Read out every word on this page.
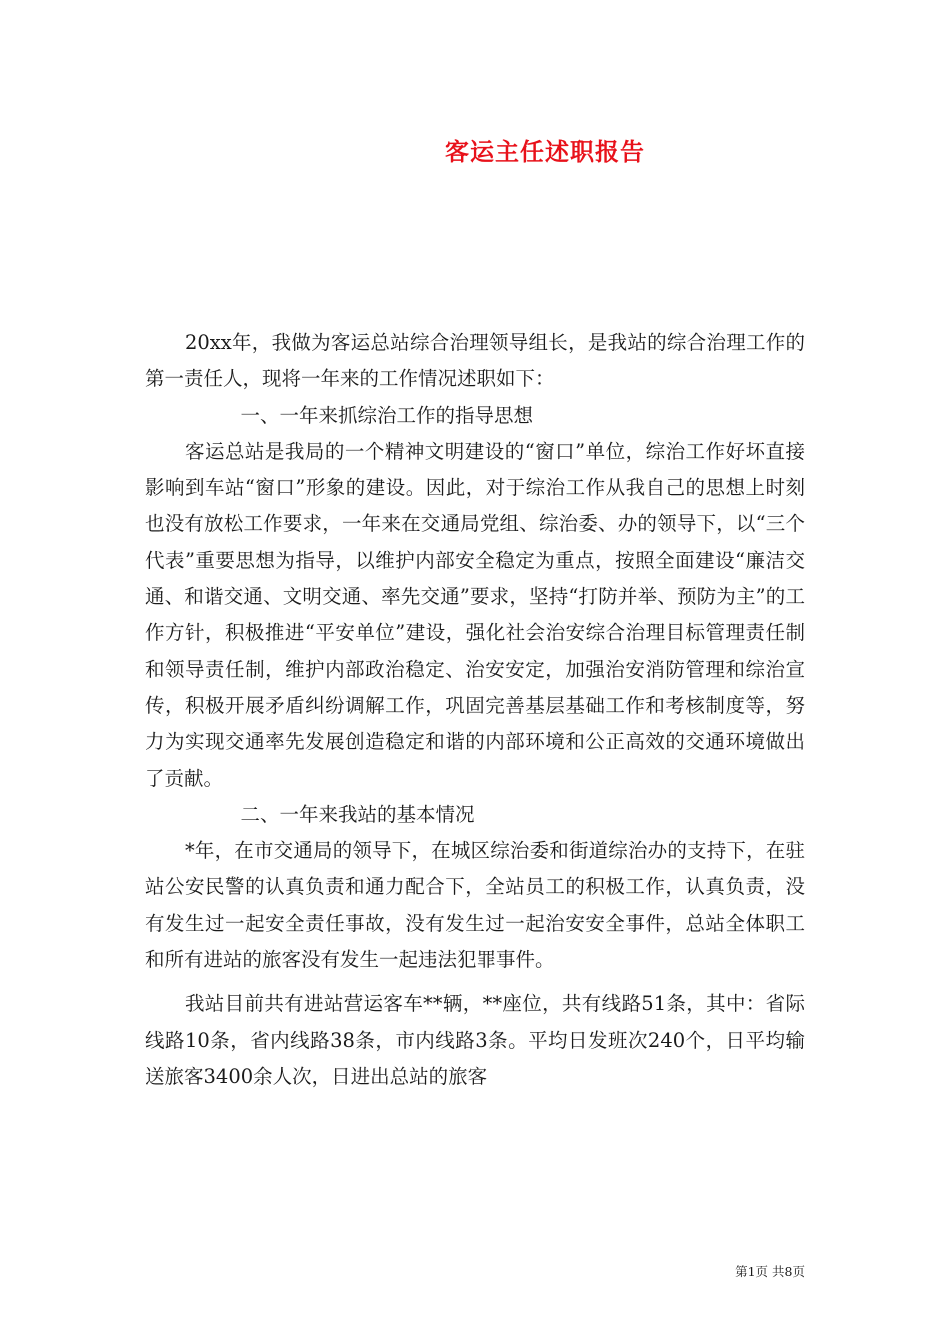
客运主任述职报告

20xx年，我做为客运总站综合治理领导组长，是我站的综合治理工作的第一责任人，现将一年来的工作情况述职如下：

一、一年来抓综治工作的指导思想

客运总站是我局的一个精神文明建设的“窗口”单位，综治工作好坏直接影响到车站“窗口”形象的建设。因此，对于综治工作从我自己的思想上时刻也没有放松工作要求，一年来在交通局党组、综治委、办的领导下，以“三个代表”重要思想为指导，以维护内部安全稳定为重点，按照全面建设“廉洁交通、和谐交通、文明交通、率先交通”要求，坚持“打防并举、预防为主”的工作方针，积极推进“平安单位”建设，强化社会治安综合治理目标管理责任制和领导责任制，维护内部政治稳定、治安安定，加强治安消防管理和综治宣传，积极开展矛盾纠纷调解工作，巩固完善基层基础工作和考核制度等，努力为实现交通率先发展创造稳定和谐的内部环境和公正高效的交通环境做出了贡献。

二、一年来我站的基本情况

*年，在市交通局的领导下，在城区综治委和街道综治办的支持下，在驻站公安民警的认真负责和通力配合下，全站员工的积极工作，认真负责，没有发生过一起安全责任事故，没有发生过一起治安安全事件，总站全体职工和所有进站的旅客没有发生一起违法犯罪事件。

我站目前共有进站营运客车**辆，**座位，共有线路51条，其中：省际线路10条，省内线路38条，市内线路3条。平均日发班次240个，日平均输送旅客3400余人次，日进出总站的旅客

第1页 共8页
